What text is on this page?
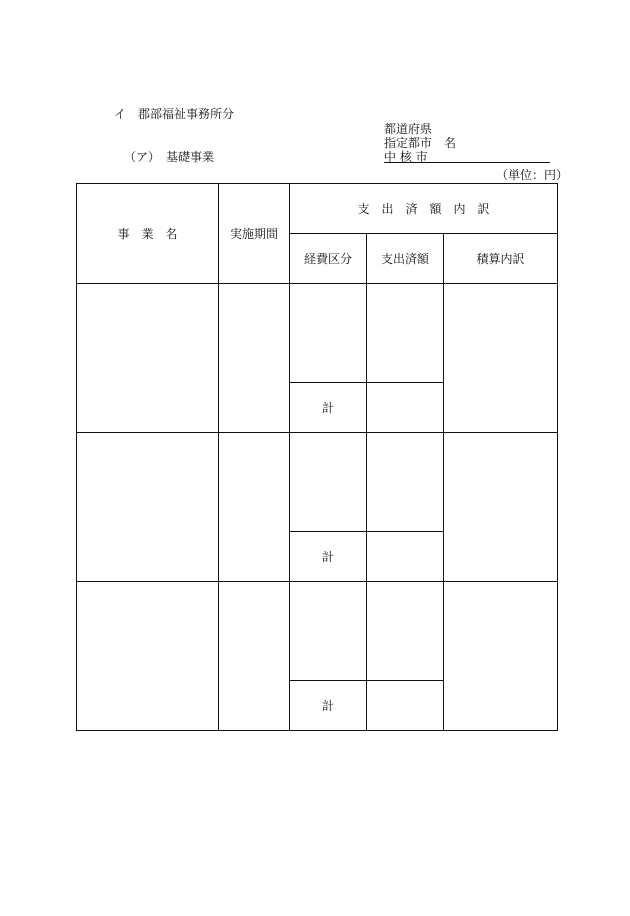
イ　郡部福祉事務所分
（ア）　基礎事業
都道府県
指定都市 名
中 核 市
（単位：円）
事　業　名	実施期間	支　出　済　額　内　訳		
		経費区分	支出済額	積算内訳

		計		

		計		

		計		
